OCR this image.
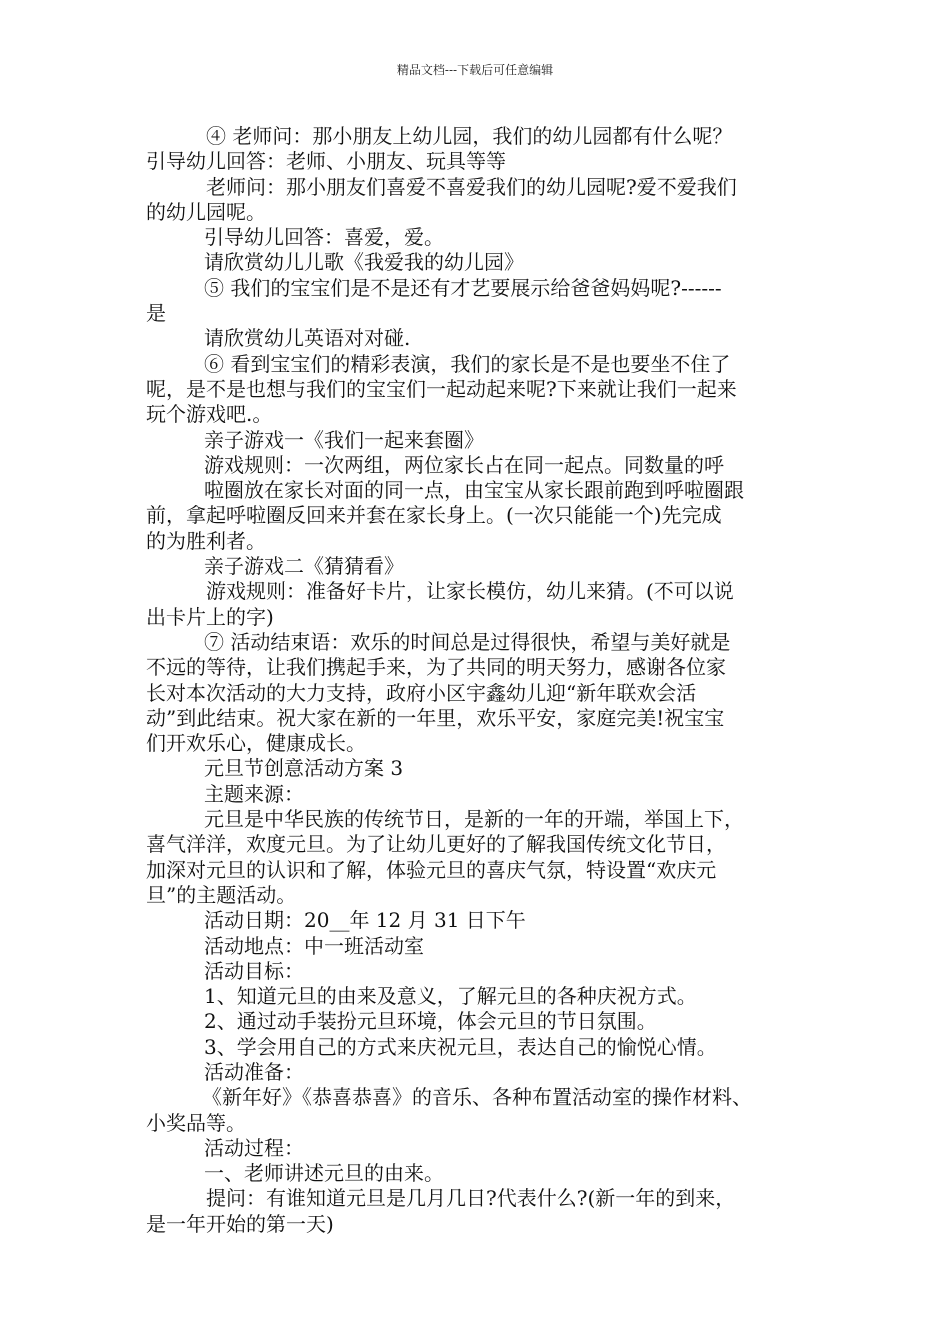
精品文档---下载后可任意编辑
④ 老师问：那小朋友上幼儿园，我们的幼儿园都有什么呢？
引导幼儿回答：老师、小朋友、玩具等等
老师问：那小朋友们喜爱不喜爱我们的幼儿园呢?爱不爱我们
的幼儿园呢。
引导幼儿回答：喜爱，爱。
请欣赏幼儿儿歌《我爱我的幼儿园》
⑤ 我们的宝宝们是不是还有才艺要展示给爸爸妈妈呢?------
是
请欣赏幼儿英语对对碰.
⑥ 看到宝宝们的精彩表演，我们的家长是不是也要坐不住了
呢，是不是也想与我们的宝宝们一起动起来呢?下来就让我们一起来
玩个游戏吧.。
亲子游戏一《我们一起来套圈》
游戏规则：一次两组，两位家长占在同一起点。同数量的呼
啦圈放在家长对面的同一点，由宝宝从家长跟前跑到呼啦圈跟
前，拿起呼啦圈反回来并套在家长身上。(一次只能能一个)先完成
的为胜利者。
亲子游戏二《猜猜看》
游戏规则：准备好卡片，让家长模仿，幼儿来猜。(不可以说
出卡片上的字)
⑦ 活动结束语：欢乐的时间总是过得很快，希望与美好就是
不远的等待，让我们携起手来，为了共同的明天努力，感谢各位家
长对本次活动的大力支持，政府小区宇鑫幼儿迎“新年联欢会活
动”到此结束。祝大家在新的一年里，欢乐平安，家庭完美!祝宝宝
们开欢乐心，健康成长。
元旦节创意活动方案 3
主题来源：
元旦是中华民族的传统节日，是新的一年的开端，举国上下，
喜气洋洋，欢度元旦。为了让幼儿更好的了解我国传统文化节日，
加深对元旦的认识和了解，体验元旦的喜庆气氛，特设置“欢庆元
旦”的主题活动。
活动日期：20__年 12 月 31 日下午
活动地点：中一班活动室
活动目标：
1、知道元旦的由来及意义，了解元旦的各种庆祝方式。
2、通过动手装扮元旦环境，体会元旦的节日氛围。
3、学会用自己的方式来庆祝元旦，表达自己的愉悦心情。
活动准备：
《新年好》《恭喜恭喜》的音乐、各种布置活动室的操作材料、
小奖品等。
活动过程：
一、老师讲述元旦的由来。
提问：有谁知道元旦是几月几日?代表什么?(新一年的到来，
是一年开始的第一天)
